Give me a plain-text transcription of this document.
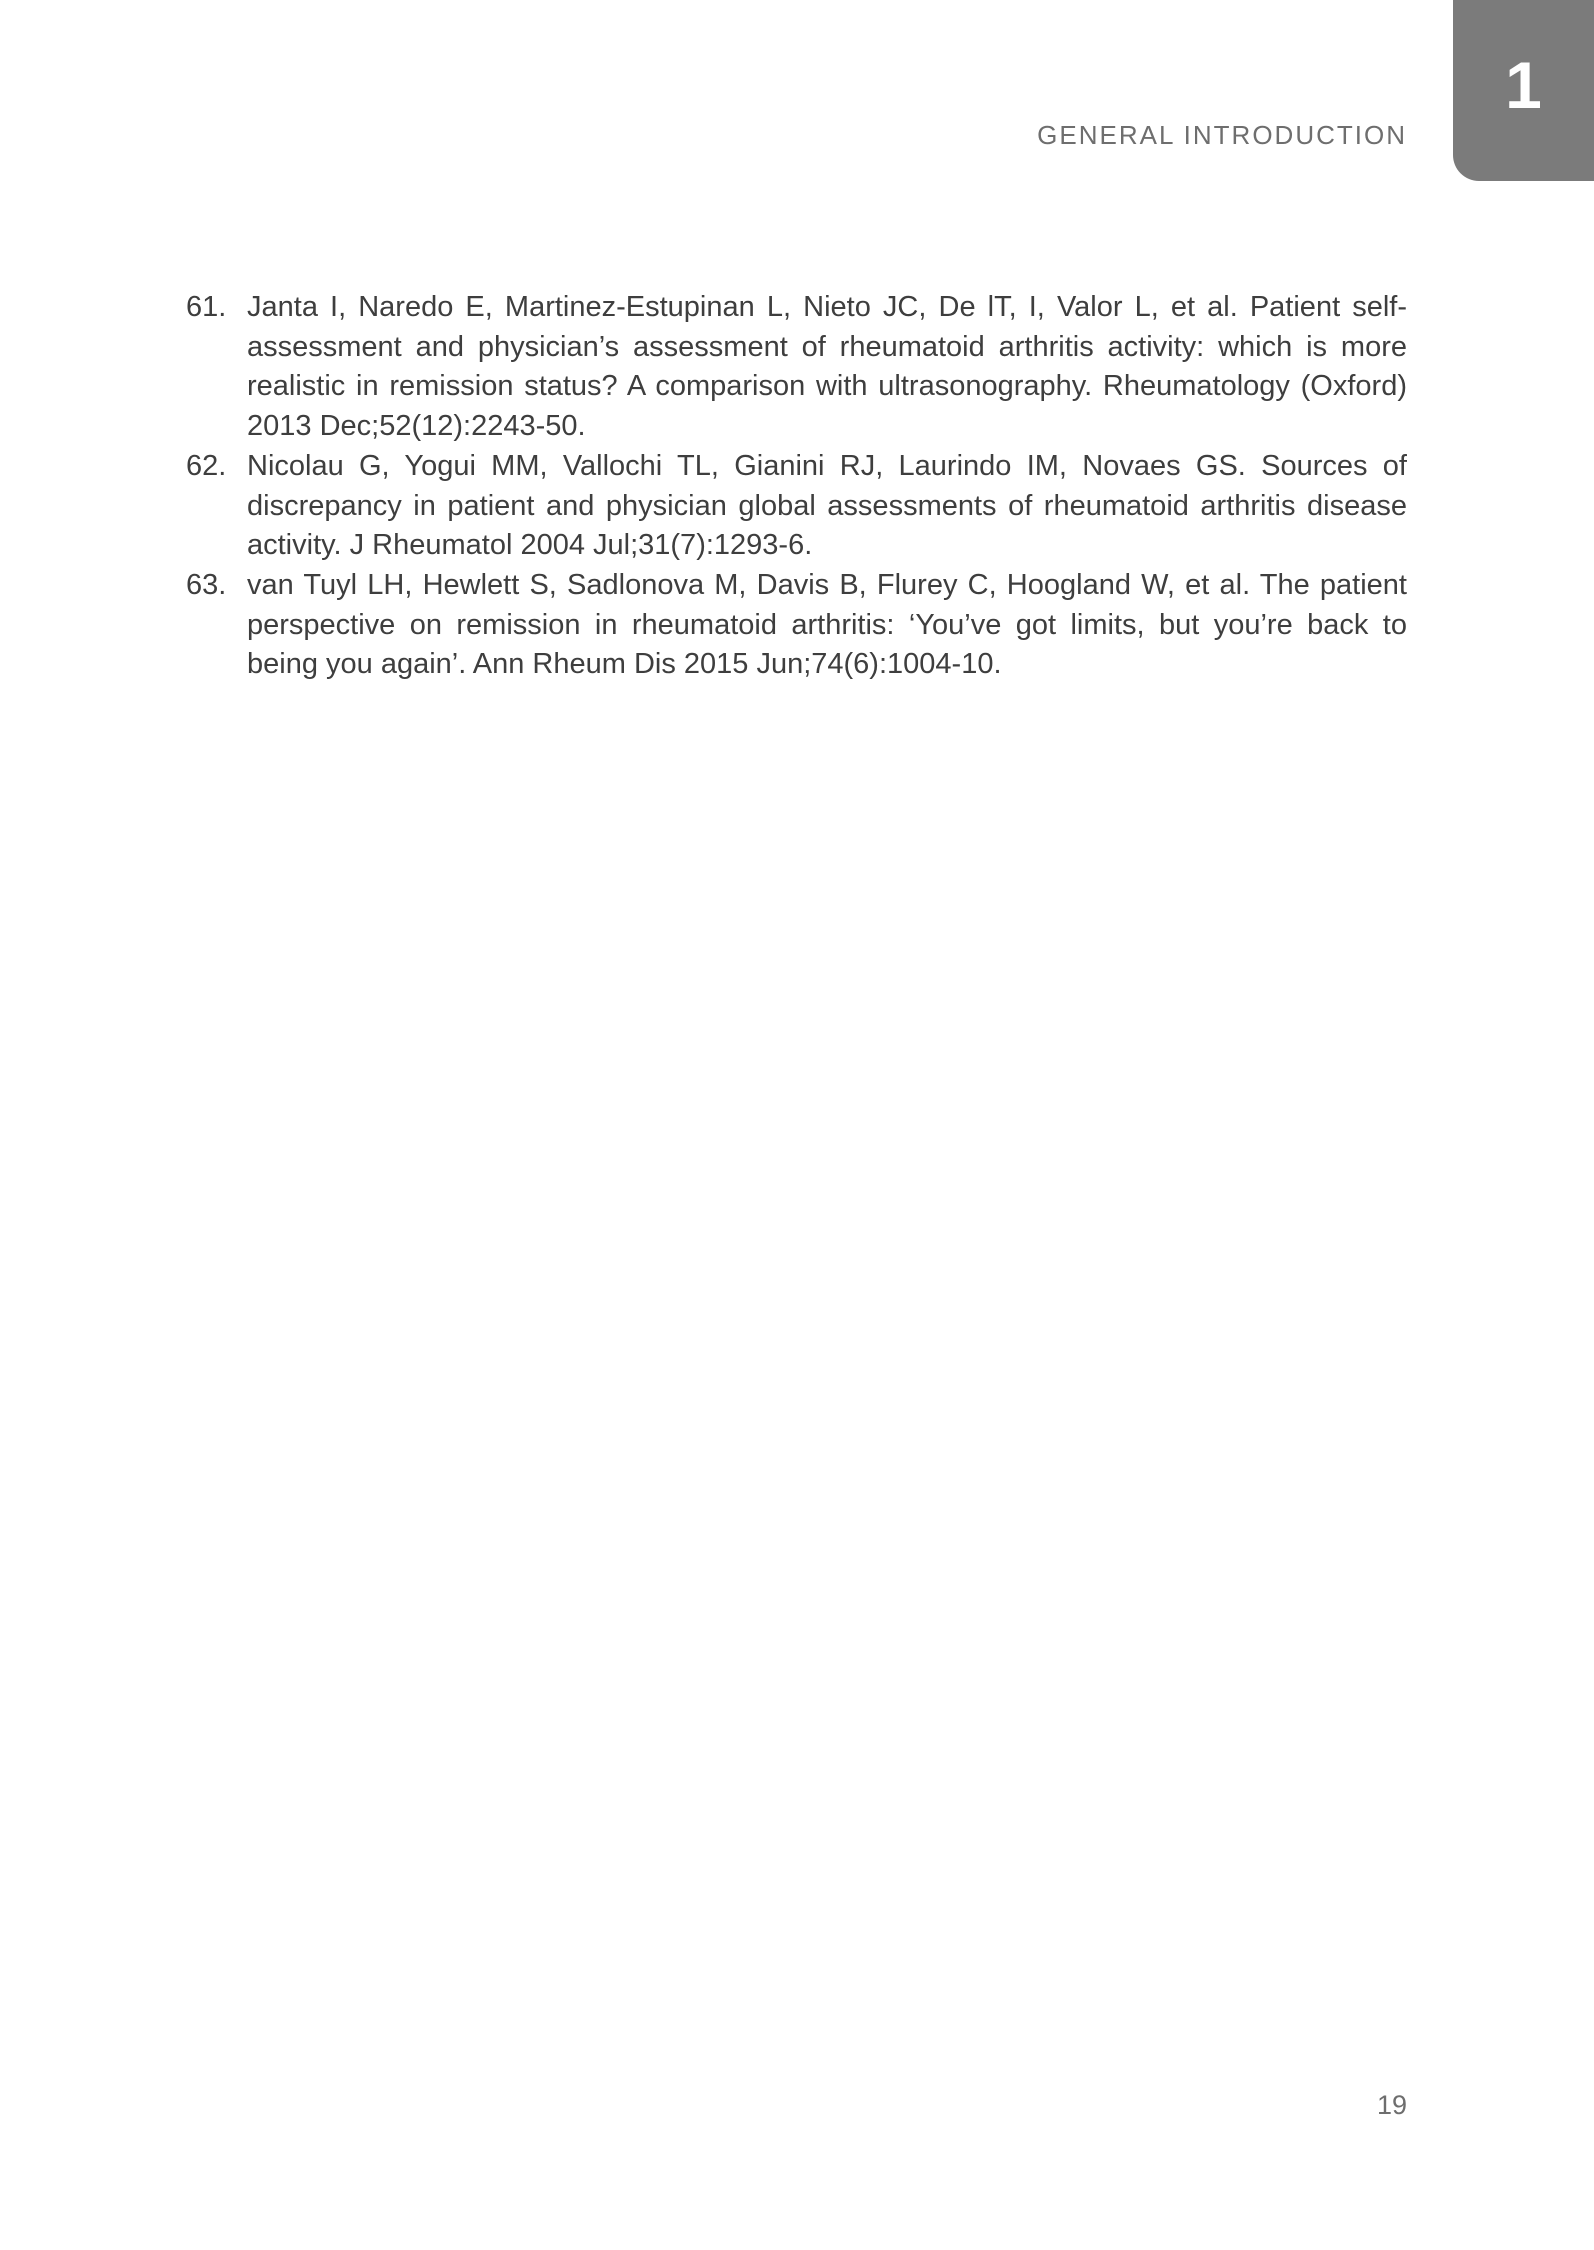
1
GENERAL INTRODUCTION
61. Janta I, Naredo E, Martinez-Estupinan L, Nieto JC, De lT, I, Valor L, et al. Patient self-assessment and physician’s assessment of rheumatoid arthritis activity: which is more realistic in remission status? A comparison with ultrasonography. Rheumatology (Oxford) 2013 Dec;52(12):2243-50.
62. Nicolau G, Yogui MM, Vallochi TL, Gianini RJ, Laurindo IM, Novaes GS. Sources of discrepancy in patient and physician global assessments of rheumatoid arthritis disease activity. J Rheumatol 2004 Jul;31(7):1293-6.
63. van Tuyl LH, Hewlett S, Sadlonova M, Davis B, Flurey C, Hoogland W, et al. The patient perspective on remission in rheumatoid arthritis: ‘You’ve got limits, but you’re back to being you again’. Ann Rheum Dis 2015 Jun;74(6):1004-10.
19
